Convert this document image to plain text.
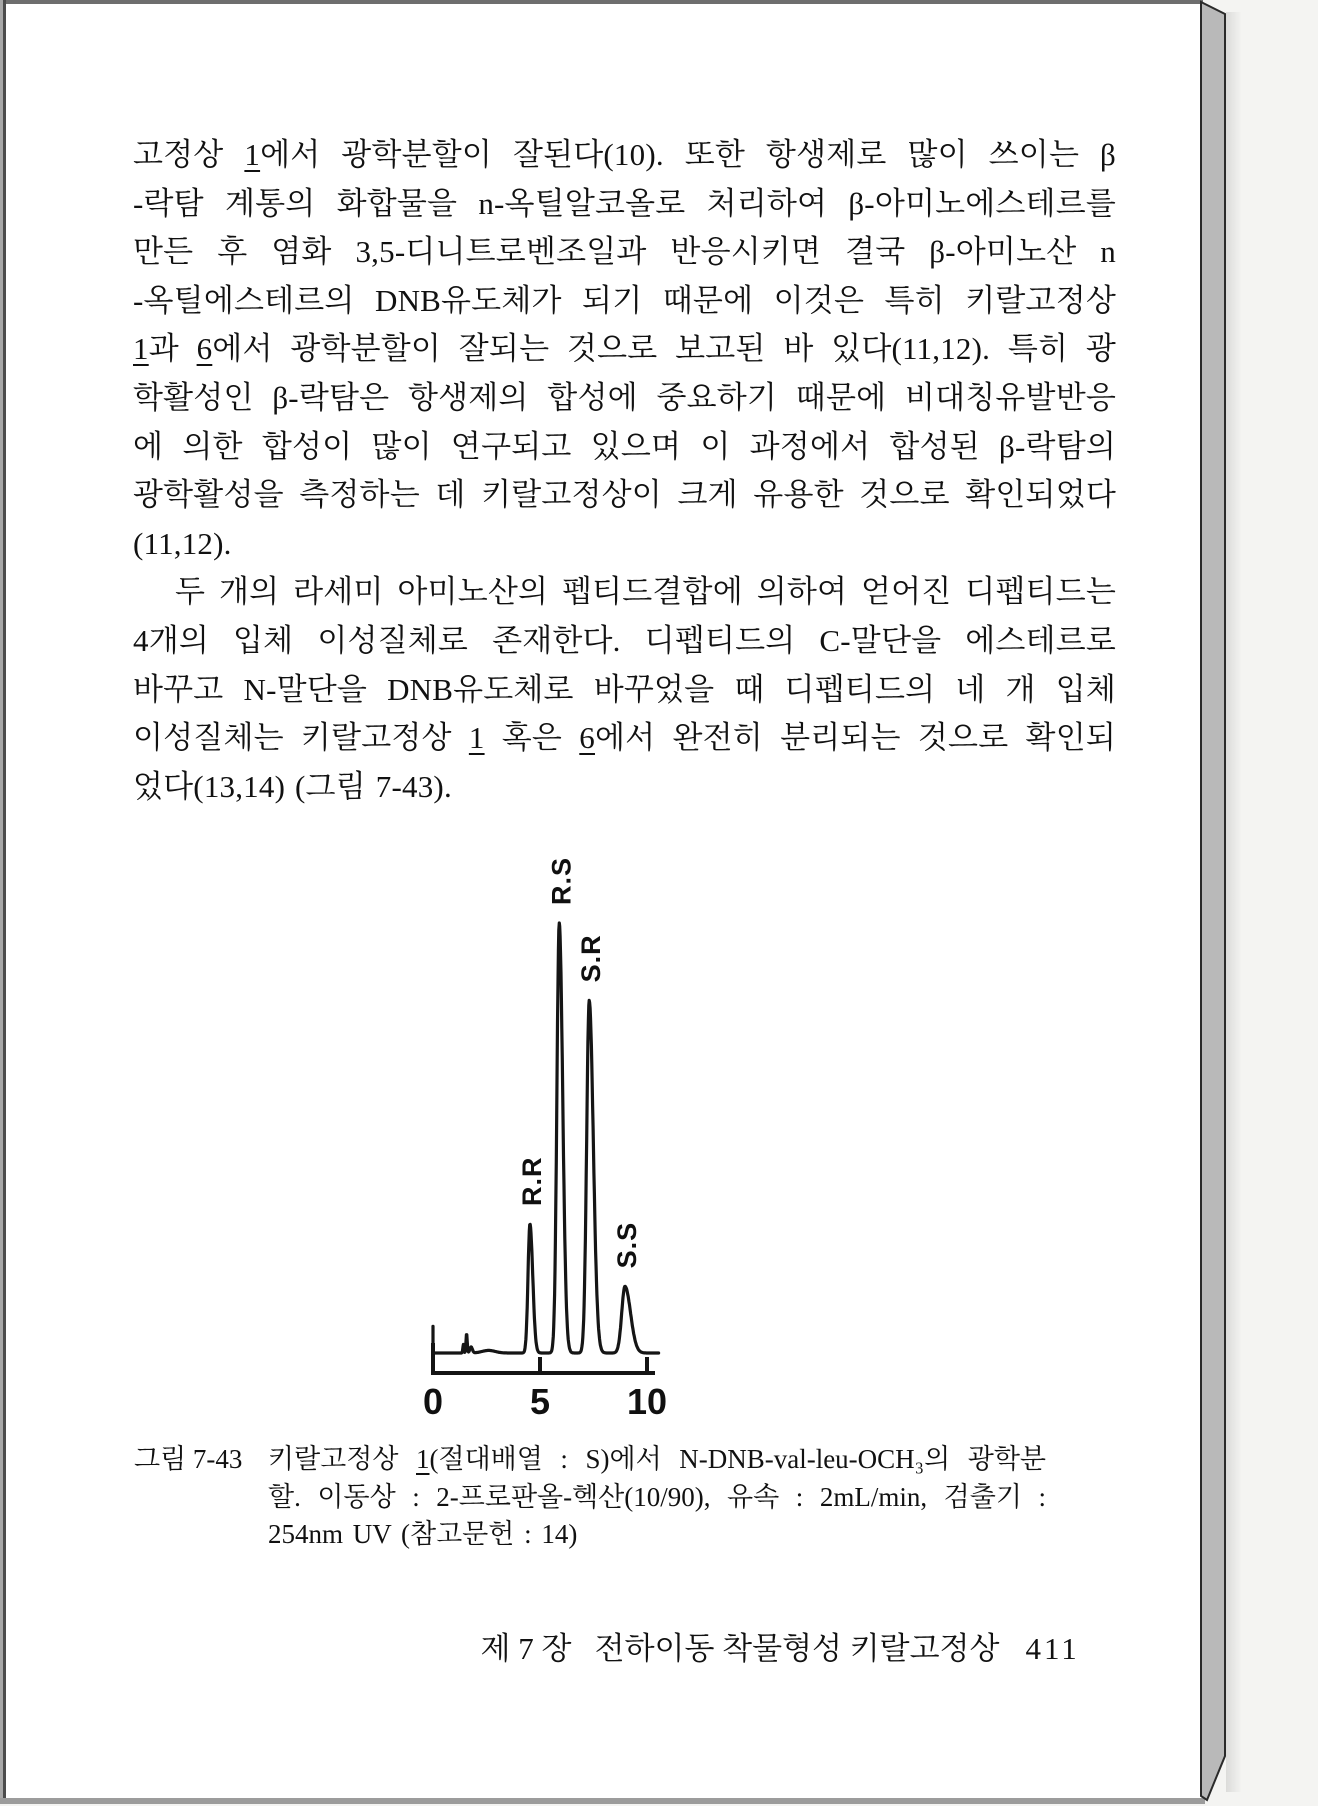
고정상 1에서 광학분할이 잘된다(10). 또한 항생제로 많이 쓰이는 β
-락탐 계통의 화합물을 n-옥틸알코올로 처리하여 β-아미노에스테르를
만든 후 염화 3,5-디니트로벤조일과 반응시키면 결국 β-아미노산 n
-옥틸에스테르의 DNB유도체가 되기 때문에 이것은 특히 키랄고정상
1과 6에서 광학분할이 잘되는 것으로 보고된 바 있다(11,12). 특히 광
학활성인 β-락탐은 항생제의 합성에 중요하기 때문에 비대칭유발반응
에 의한 합성이 많이 연구되고 있으며 이 과정에서 합성된 β-락탐의
광학활성을 측정하는 데 키랄고정상이 크게 유용한 것으로 확인되었다
(11,12).
두 개의 라세미 아미노산의 펩티드결합에 의하여 얻어진 디펩티드는
4개의 입체 이성질체로 존재한다. 디펩티드의 C-말단을 에스테르로
바꾸고 N-말단을 DNB유도체로 바꾸었을 때 디펩티드의 네 개 입체
이성질체는 키랄고정상 1 혹은 6에서 완전히 분리되는 것으로 확인되
었다(13,14) (그림 7-43).
0 5 10
R.R
R.S
S.R
S.S
그림 7-43 키랄고정상 1(절대배열 : S)에서 N-DNB-val-leu-OCH₃의 광학분
할. 이동상 : 2-프로판올-헥산(10/90), 유속 : 2mL/min, 검출기 :
254nm UV (참고문헌 : 14)

제 7 장   전하이동 착물형성 키랄고정상 411
